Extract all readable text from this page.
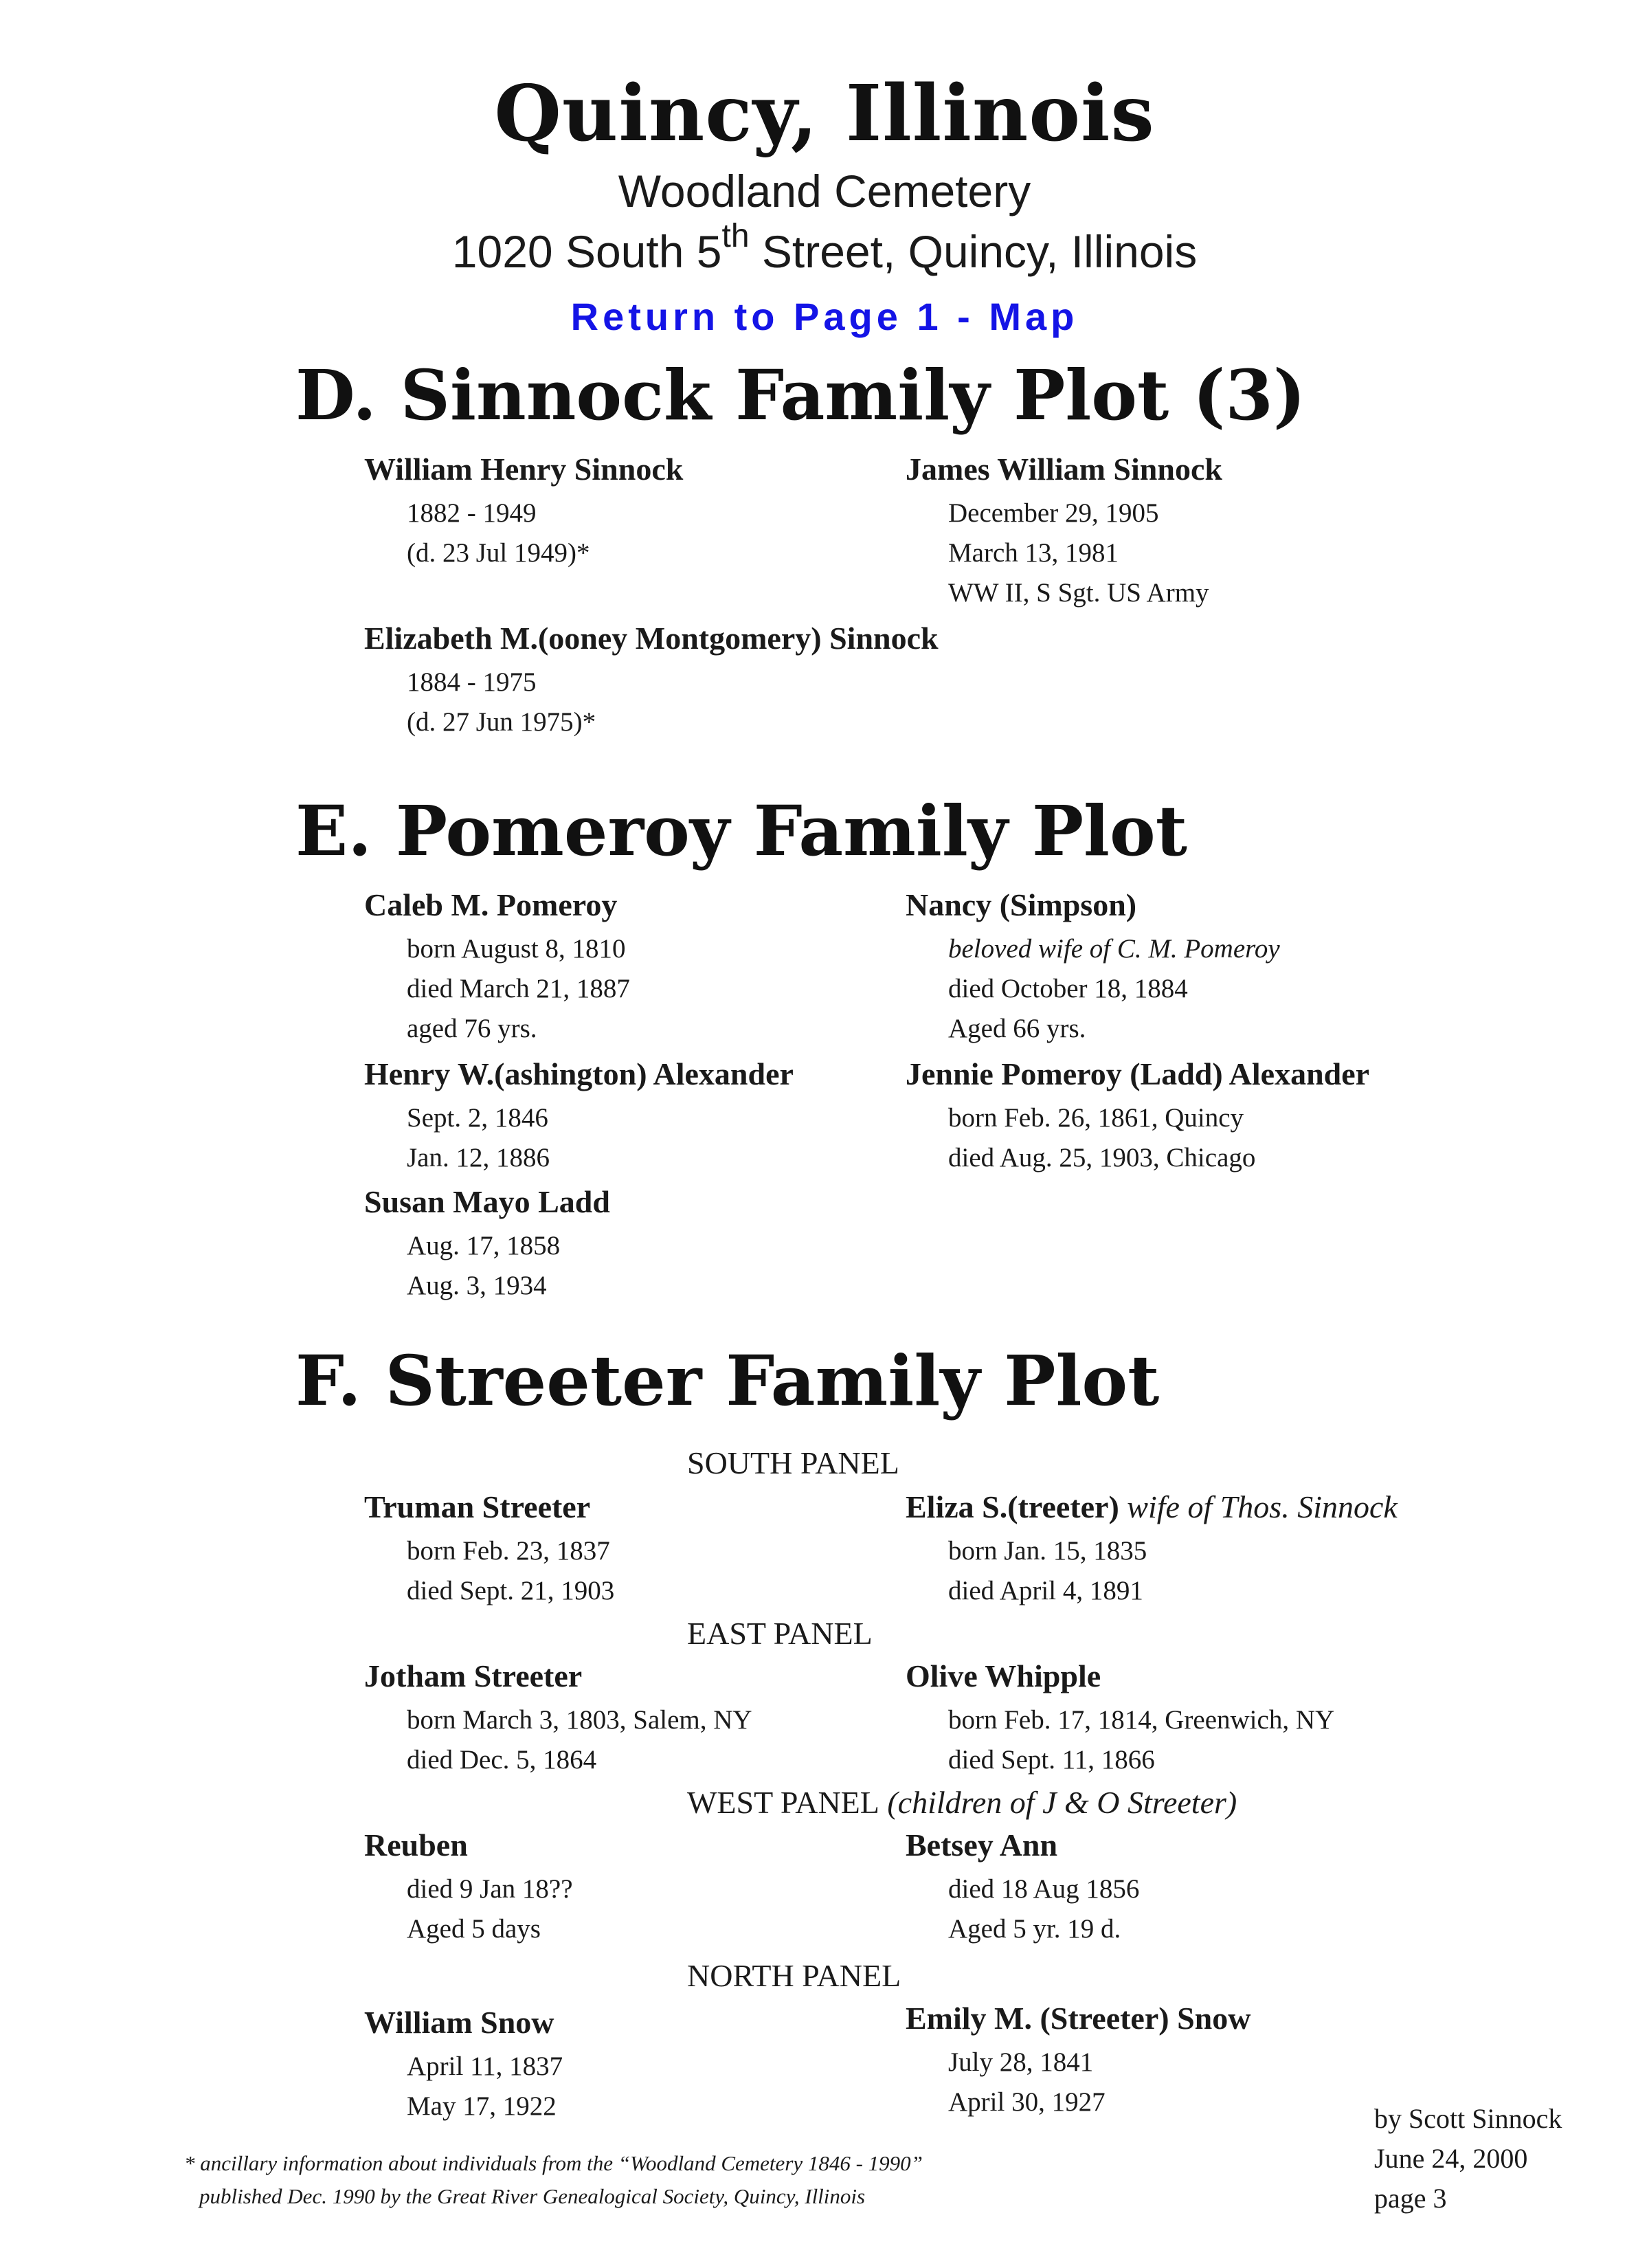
Quincy, Illinois
Woodland Cemetery
1020 South 5th Street, Quincy, Illinois
Return to Page 1 - Map
D. Sinnock Family Plot (3)
William Henry Sinnock
1882 - 1949
(d. 23 Jul 1949)*
James William Sinnock
December 29, 1905
March 13, 1981
WW II, S Sgt. US Army
Elizabeth M.(ooney Montgomery) Sinnock
1884 - 1975
(d. 27 Jun 1975)*
E. Pomeroy Family Plot
Caleb M. Pomeroy
born August 8, 1810
died March 21, 1887
aged 76 yrs.
Nancy (Simpson)
beloved wife of C. M. Pomeroy
died October 18, 1884
Aged 66 yrs.
Henry W.(ashington) Alexander
Sept. 2, 1846
Jan. 12, 1886
Jennie Pomeroy (Ladd) Alexander
born Feb. 26, 1861, Quincy
died Aug. 25, 1903, Chicago
Susan Mayo Ladd
Aug. 17, 1858
Aug. 3, 1934
F. Streeter Family Plot
SOUTH PANEL
Truman Streeter
born Feb. 23, 1837
died Sept. 21, 1903
Eliza S.(treeter) wife of Thos. Sinnock
born Jan. 15, 1835
died April 4, 1891
EAST PANEL
Jotham Streeter
born March 3, 1803, Salem, NY
died Dec. 5, 1864
Olive Whipple
born Feb. 17, 1814, Greenwich, NY
died Sept. 11, 1866
WEST PANEL (children of J & O Streeter)
Reuben
died 9 Jan 18??
Aged 5 days
Betsey Ann
died 18 Aug 1856
Aged 5 yr. 19 d.
NORTH PANEL
William Snow
April 11, 1837
May 17, 1922
Emily M. (Streeter) Snow
July 28, 1841
April 30, 1927
* ancillary information about individuals from the “Woodland Cemetery 1846 - 1990”
published Dec. 1990 by the Great River Genealogical Society, Quincy, Illinois
by Scott Sinnock
June 24, 2000
page 3
